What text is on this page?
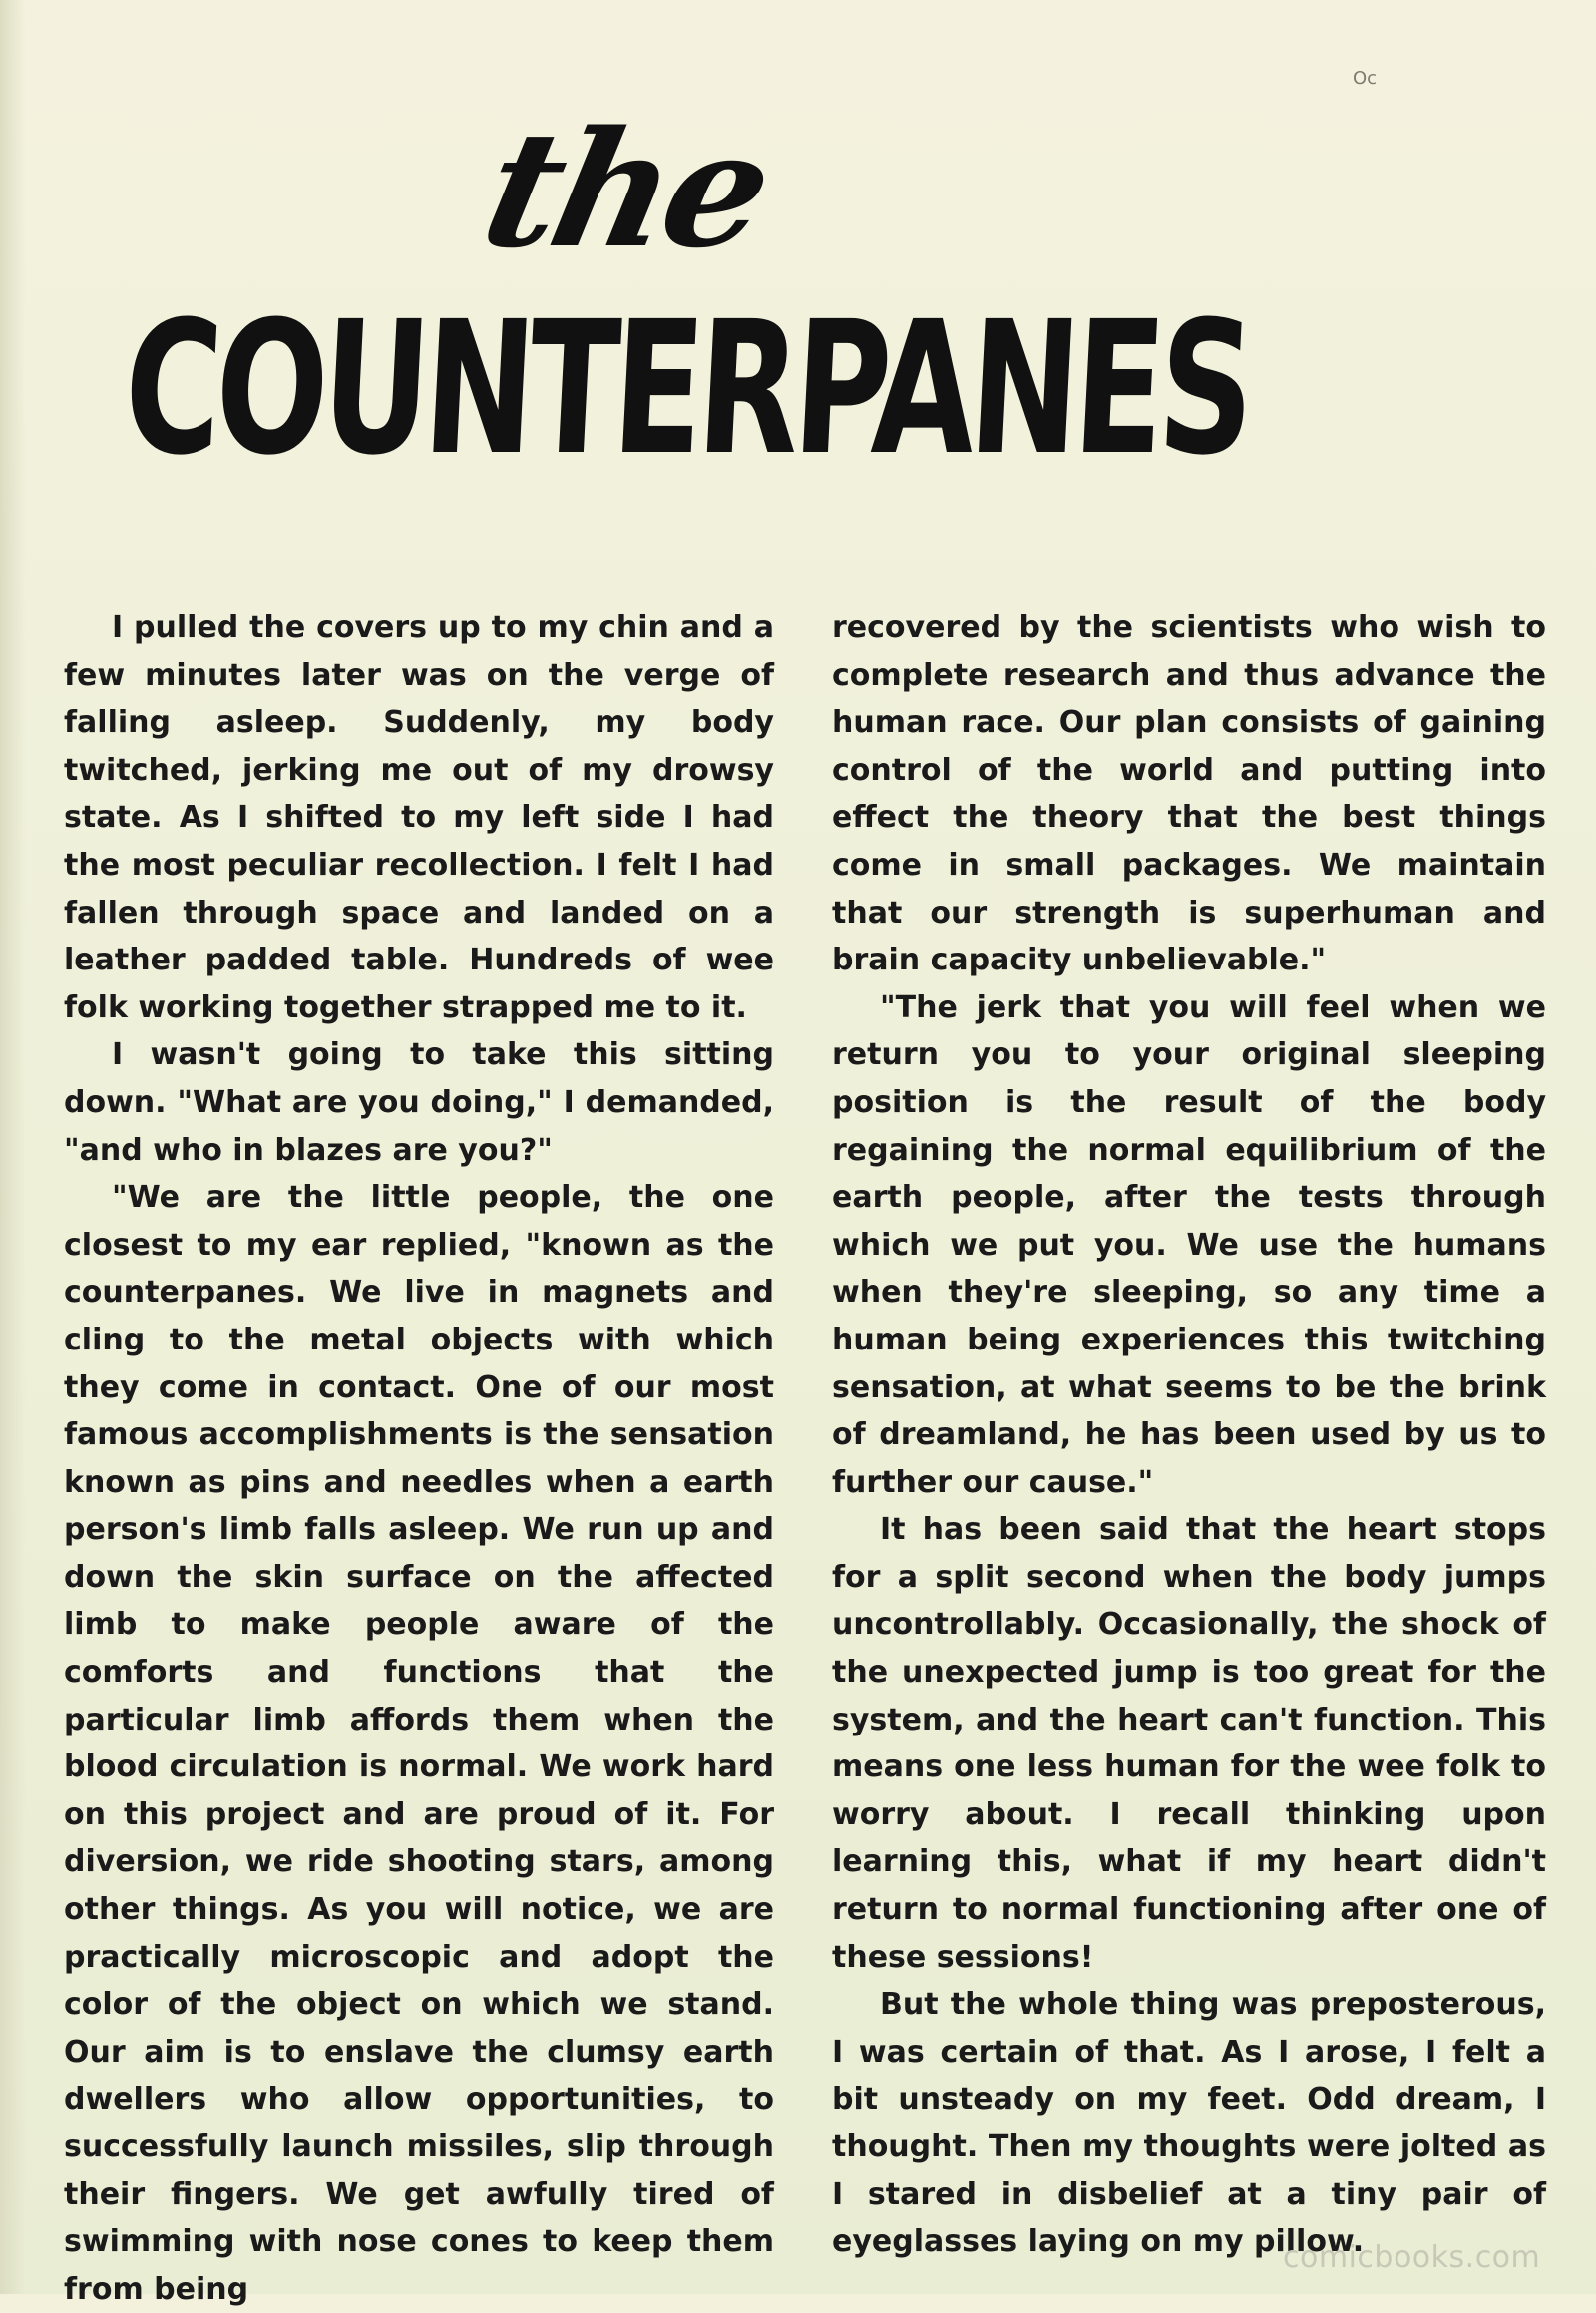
Oc
the
COUNTERPANES

I pulled the covers up to my chin and a few minutes later was on the verge of falling asleep. Suddenly, my body twitched, jerking me out of my drowsy state. As I shifted to my left side I had the most peculiar recollection. I felt I had fallen through space and landed on a leather padded table. Hundreds of wee folk working together strapped me to it.

I wasn't going to take this sitting down. "What are you doing," I demanded, "and who in blazes are you?"

"We are the little people, the one closest to my ear replied, "known as the counterpanes. We live in magnets and cling to the metal objects with which they come in contact. One of our most famous accomplishments is the sensation known as pins and needles when a earth person's limb falls asleep. We run up and down the skin surface on the affected limb to make people aware of the comforts and functions that the particular limb affords them when the blood circulation is normal. We work hard on this project and are proud of it. For diversion, we ride shooting stars, among other things. As you will notice, we are practically microscopic and adopt the color of the object on which we stand. Our aim is to enslave the clumsy earth dwellers who allow opportunities, to successfully launch missiles, slip through their fingers. We get awfully tired of swimming with nose cones to keep them from being

recovered by the scientists who wish to complete research and thus advance the human race. Our plan consists of gaining control of the world and putting into effect the theory that the best things come in small packages. We maintain that our strength is superhuman and brain capacity unbelievable."

"The jerk that you will feel when we return you to your original sleeping position is the result of the body regaining the normal equilibrium of the earth people, after the tests through which we put you. We use the humans when they're sleeping, so any time a human being experiences this twitching sensation, at what seems to be the brink of dreamland, he has been used by us to further our cause."

It has been said that the heart stops for a split second when the body jumps uncontrollably. Occasionally, the shock of the unexpected jump is too great for the system, and the heart can't function. This means one less human for the wee folk to worry about. I recall thinking upon learning this, what if my heart didn't return to normal functioning after one of these sessions!

But the whole thing was preposterous, I was certain of that. As I arose, I felt a bit unsteady on my feet. Odd dream, I thought. Then my thoughts were jolted as I stared in disbelief at a tiny pair of eyeglasses laying on my pillow.

comicbooks.com
